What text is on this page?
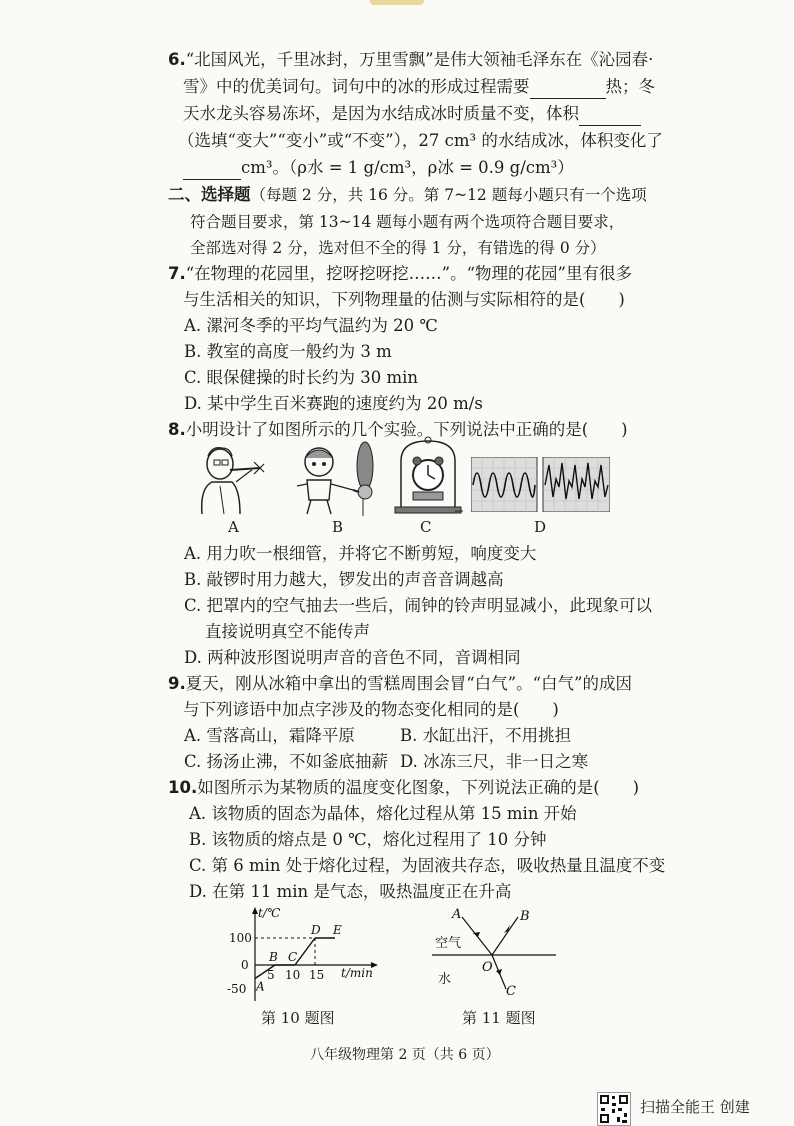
6.“北国风光，千里冰封，万里雪飘”是伟大领袖毛泽东在《沁园春·
雪》中的优美词句。词句中的冰的形成过程需要	热；冬
天水龙头容易冻坏，是因为水结成冰时质量不变，体积
（选填“变大”“变小”或“不变”），27 cm³ 的水结成冰，体积变化了
cm³。（ρ水 = 1 g/cm³，ρ冰 = 0.9 g/cm³）
二、选择题（每题 2 分，共 16 分。第 7~12 题每小题只有一个选项
符合题目要求，第 13~14 题每小题有两个选项符合题目要求，
全部选对得 2 分，选对但不全的得 1 分，有错选的得 0 分）
7.“在物理的花园里，挖呀挖呀挖……”。“物理的花园”里有很多
与生活相关的知识，下列物理量的估测与实际相符的是(　　)
A. 漯河冬季的平均气温约为 20 ℃
B. 教室的高度一般约为 3 m
C. 眼保健操的时长约为 30 min
D. 某中学生百米赛跑的速度约为 20 m/s
8.小明设计了如图所示的几个实验。下列说法中正确的是(　　)
A	B	C	D
A. 用力吹一根细管，并将它不断剪短，响度变大
B. 敲锣时用力越大，锣发出的声音音调越高
C. 把罩内的空气抽去一些后，闹钟的铃声明显减小，此现象可以
直接说明真空不能传声
D. 两种波形图说明声音的音色不同，音调相同
9.夏天，刚从冰箱中拿出的雪糕周围会冒“白气”。“白气”的成因
与下列谚语中加点字涉及的物态变化相同的是(　　)
A. 雪落高山，霜降平原	B. 水缸出汗，不用挑担
C. 扬汤止沸，不如釜底抽薪 D. 冰冻三尺，非一日之寒
10.如图所示为某物质的温度变化图象，下列说法正确的是(　　)
A. 该物质的固态为晶体，熔化过程从第 15 min 开始
B. 该物质的熔点是 0 ℃，熔化过程用了 10 分钟
C. 第 6 min 处于熔化过程，为固液共存态，吸收热量且温度不变
D. 在第 11 min 是气态，吸热温度正在升高
t/℃
t/min
100
0
-50
5 10 15
A
B C
D E
第 10 题图
A	B
O
C
空气
水
第 11 题图
八年级物理第 2 页（共 6 页）
扫描全能王 创建
